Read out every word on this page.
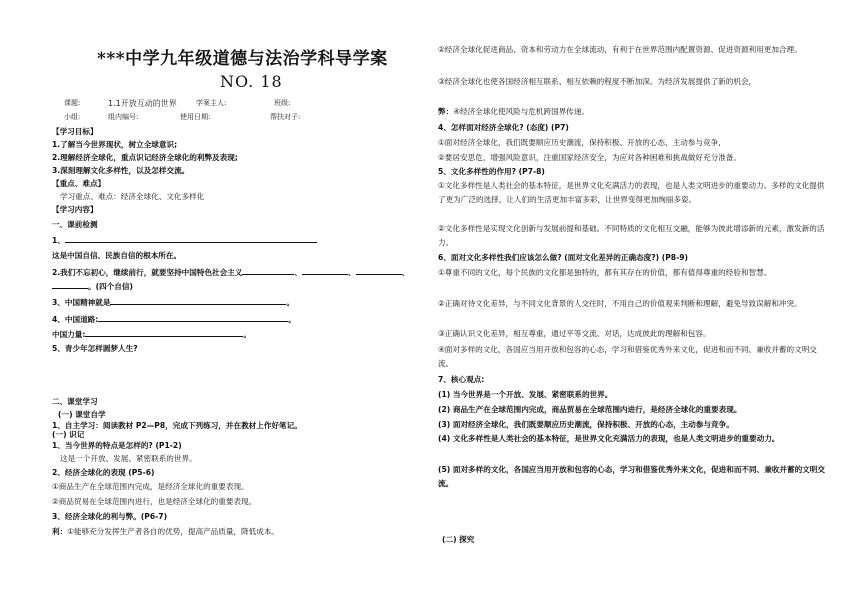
***中学九年级道德与法治学科导学案
NO. 18
课题:	1.1开放互动的世界	学案主人:	班级:
小组:	组内编号:	使用日期:	帮扶对子:
【学习目标】
1.了解当今世界现状，树立全球意识;
2.理解经济全球化，重点识记经济全球化的利弊及表现;
3.深刻理解文化多样性，以及怎样交流。
【重点、难点】
学习重点、难点：经济全球化、文化多样化
【学习内容】
一、课前检测
1、
这是中国自信、民族自信的根本所在。
2.我们不忘初心，继续前行，就要坚持中国特色社会主义	、	、	、
。(四个自信)
3、中国精神就是	。
4、中国道路:	。
中国力量:	。
5、青少年怎样圆梦人生?
二、课堂学习
(一) 课堂自学
1、自主学习：阅读教材 P2—P8，完成下列练习，并在教材上作好笔记。
(一) 识记
1、当今世界的特点是怎样的? (P1-2)
这是一个开放、发展、紧密联系的世界。
2、经济全球化的表现 (P5-6)
①商品生产在全球范围内完成，是经济全球化的重要表现。
②商品贸易在全球范围内进行，也是经济全球化的重要表现。
3、经济全球化的利与弊。(P6-7)
利：①能够充分发挥生产者各自的优势，提高产品质量，降低成本。
②经济全球化促进商品、资本和劳动力在全球流动，有利于在世界范围内配置资源、促进资源利用更加合理。
③经济全球化也使各国经济相互联系、相互依赖的程度不断加深。为经济发展提供了新的机会，
弊：④经济全球化使风险与危机跨国界传递。
4、怎样面对经济全球化? (态度) (P7)
①面对经济全球化，我们既要顺应历史潮流，保持积极、开放的心态，主动参与竞争，
②要居安思危，增强风险意识，注重国家经济安全，为应对各种困难和挑战做好充分准备。
5、文化多样性的作用? (P7-8)
①文化多样性是人类社会的基本特征，是世界文化充满活力的表现，也是人类文明进步的重要动力。多样的文化提供了更为广泛的选择，让人们的生活更加丰富多彩，让世界变得更加绚丽多姿。
②文化多样性是实现文化创新与发展前提和基础。不同特质的文化相互交融，能够为彼此增添新的元素，激发新的活力。
6、面对文化多样性我们应该怎么做? (面对文化差异的正确态度?) (P8-9)
①尊重不同的文化，每个民族的文化都是独特的，都有其存在的价值，都有值得尊重的经验和智慧。
②正确对待文化差异，与不同文化背景的人交往时，不用自己的价值观来判断和理解，避免导致误解和冲突。
③正确认识文化差异，相互尊重，通过平等交流、对话，达成彼此的理解和包容。
④面对多样的文化，各国应当用开放和包容的心态，学习和借鉴优秀外来文化，促进和而不同、兼收并蓄的文明交流。
7、核心观点:
(1) 当今世界是一个开放、发展、紧密联系的世界。
(2) 商品生产在全球范围内完成，商品贸易在全球范围内进行，是经济全球化的重要表现。
(3) 面对经济全球化，我们既要顺应历史潮流，保持积极、开放的心态，主动参与竞争。
(4) 文化多样性是人类社会的基本特征，是世界文化充满活力的表现，也是人类文明进步的重要动力。
(5) 面对多样的文化，各国应当用开放和包容的心态，学习和借鉴优秀外来文化，促进和而不同、兼收并蓄的文明交流。
(二) 探究
